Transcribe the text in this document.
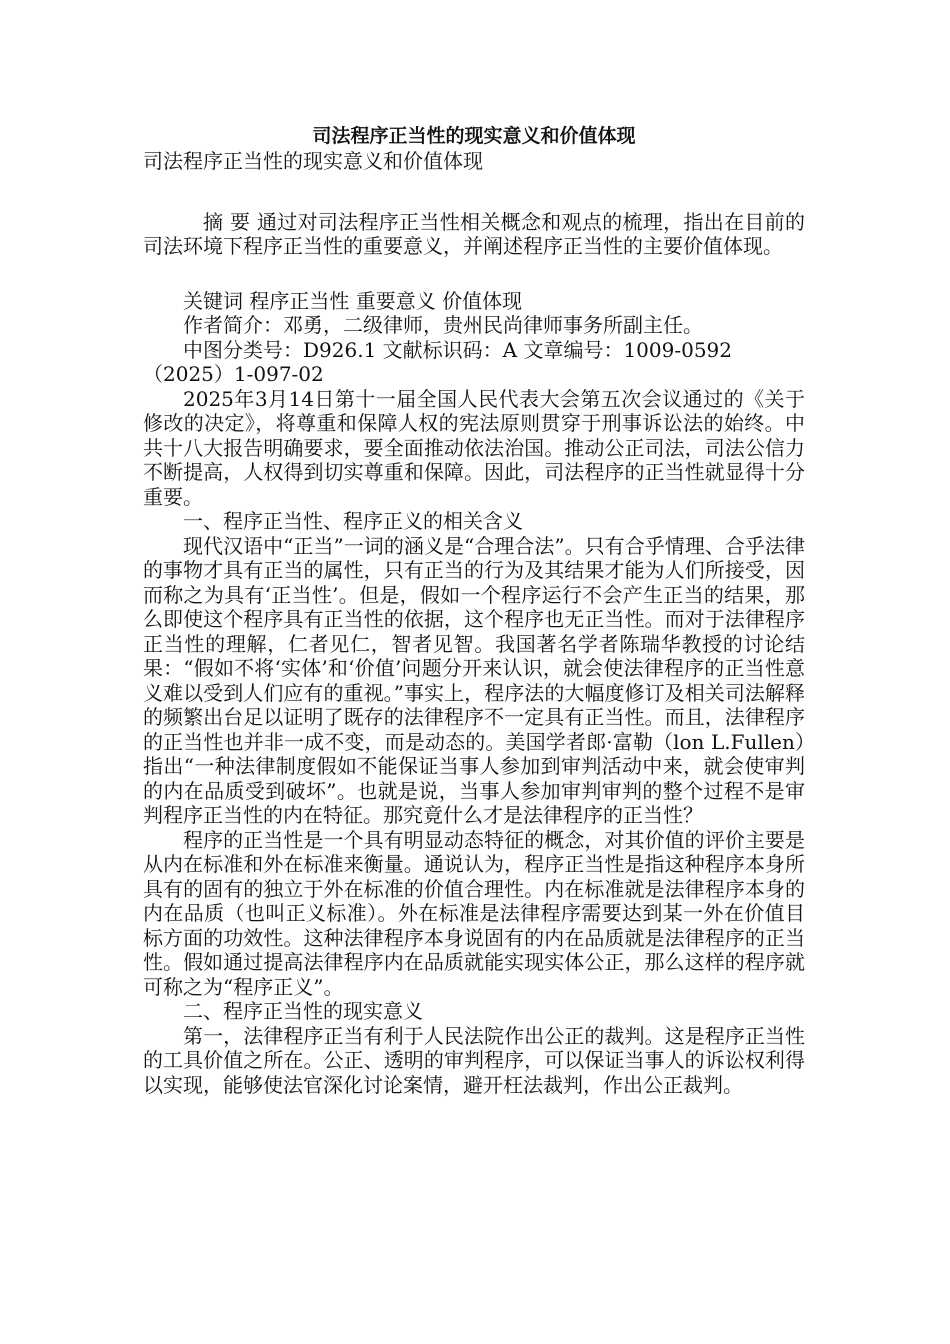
司法程序正当性的现实意义和价值体现

司法程序正当性的现实意义和价值体现

摘 要 通过对司法程序正当性相关概念和观点的梳理，指出在目前的司法环境下程序正当性的重要意义，并阐述程序正当性的主要价值体现。

关键词 程序正当性 重要意义 价值体现

作者简介：邓勇，二级律师，贵州民尚律师事务所副主任。

中图分类号：D926.1 文献标识码：A 文章编号：1009-0592（2025）1-097-02

2025年3月14日第十一届全国人民代表大会第五次会议通过的《关于修改的决定》，将尊重和保障人权的宪法原则贯穿于刑事诉讼法的始终。中共十八大报告明确要求，要全面推动依法治国。推动公正司法，司法公信力不断提高，人权得到切实尊重和保障。因此，司法程序的正当性就显得十分重要。

一、程序正当性、程序正义的相关含义

现代汉语中“正当”一词的涵义是“合理合法”。只有合乎情理、合乎法律的事物才具有正当的属性，只有正当的行为及其结果才能为人们所接受，因而称之为具有‘正当性’。但是，假如一个程序运行不会产生正当的结果，那么即使这个程序具有正当性的依据，这个程序也无正当性。而对于法律程序正当性的理解，仁者见仁，智者见智。我国著名学者陈瑞华教授的讨论结果：“假如不将‘实体’和‘价值’问题分开来认识，就会使法律程序的正当性意义难以受到人们应有的重视。”事实上，程序法的大幅度修订及相关司法解释的频繁出台足以证明了既存的法律程序不一定具有正当性。而且，法律程序的正当性也并非一成不变，而是动态的。美国学者郎·富勒（lon L.Fullen）指出“一种法律制度假如不能保证当事人参加到审判活动中来，就会使审判的内在品质受到破坏”。也就是说，当事人参加审判审判的整个过程不是审判程序正当性的内在特征。那究竟什么才是法律程序的正当性？

程序的正当性是一个具有明显动态特征的概念，对其价值的评价主要是从内在标准和外在标准来衡量。通说认为，程序正当性是指这种程序本身所具有的固有的独立于外在标准的价值合理性。内在标准就是法律程序本身的内在品质（也叫正义标准）。外在标准是法律程序需要达到某一外在价值目标方面的功效性。这种法律程序本身说固有的内在品质就是法律程序的正当性。假如通过提高法律程序内在品质就能实现实体公正，那么这样的程序就可称之为“程序正义”。

二、程序正当性的现实意义

第一，法律程序正当有利于人民法院作出公正的裁判。这是程序正当性的工具价值之所在。公正、透明的审判程序，可以保证当事人的诉讼权利得以实现，能够使法官深化讨论案情，避开枉法裁判，作出公正裁判。
